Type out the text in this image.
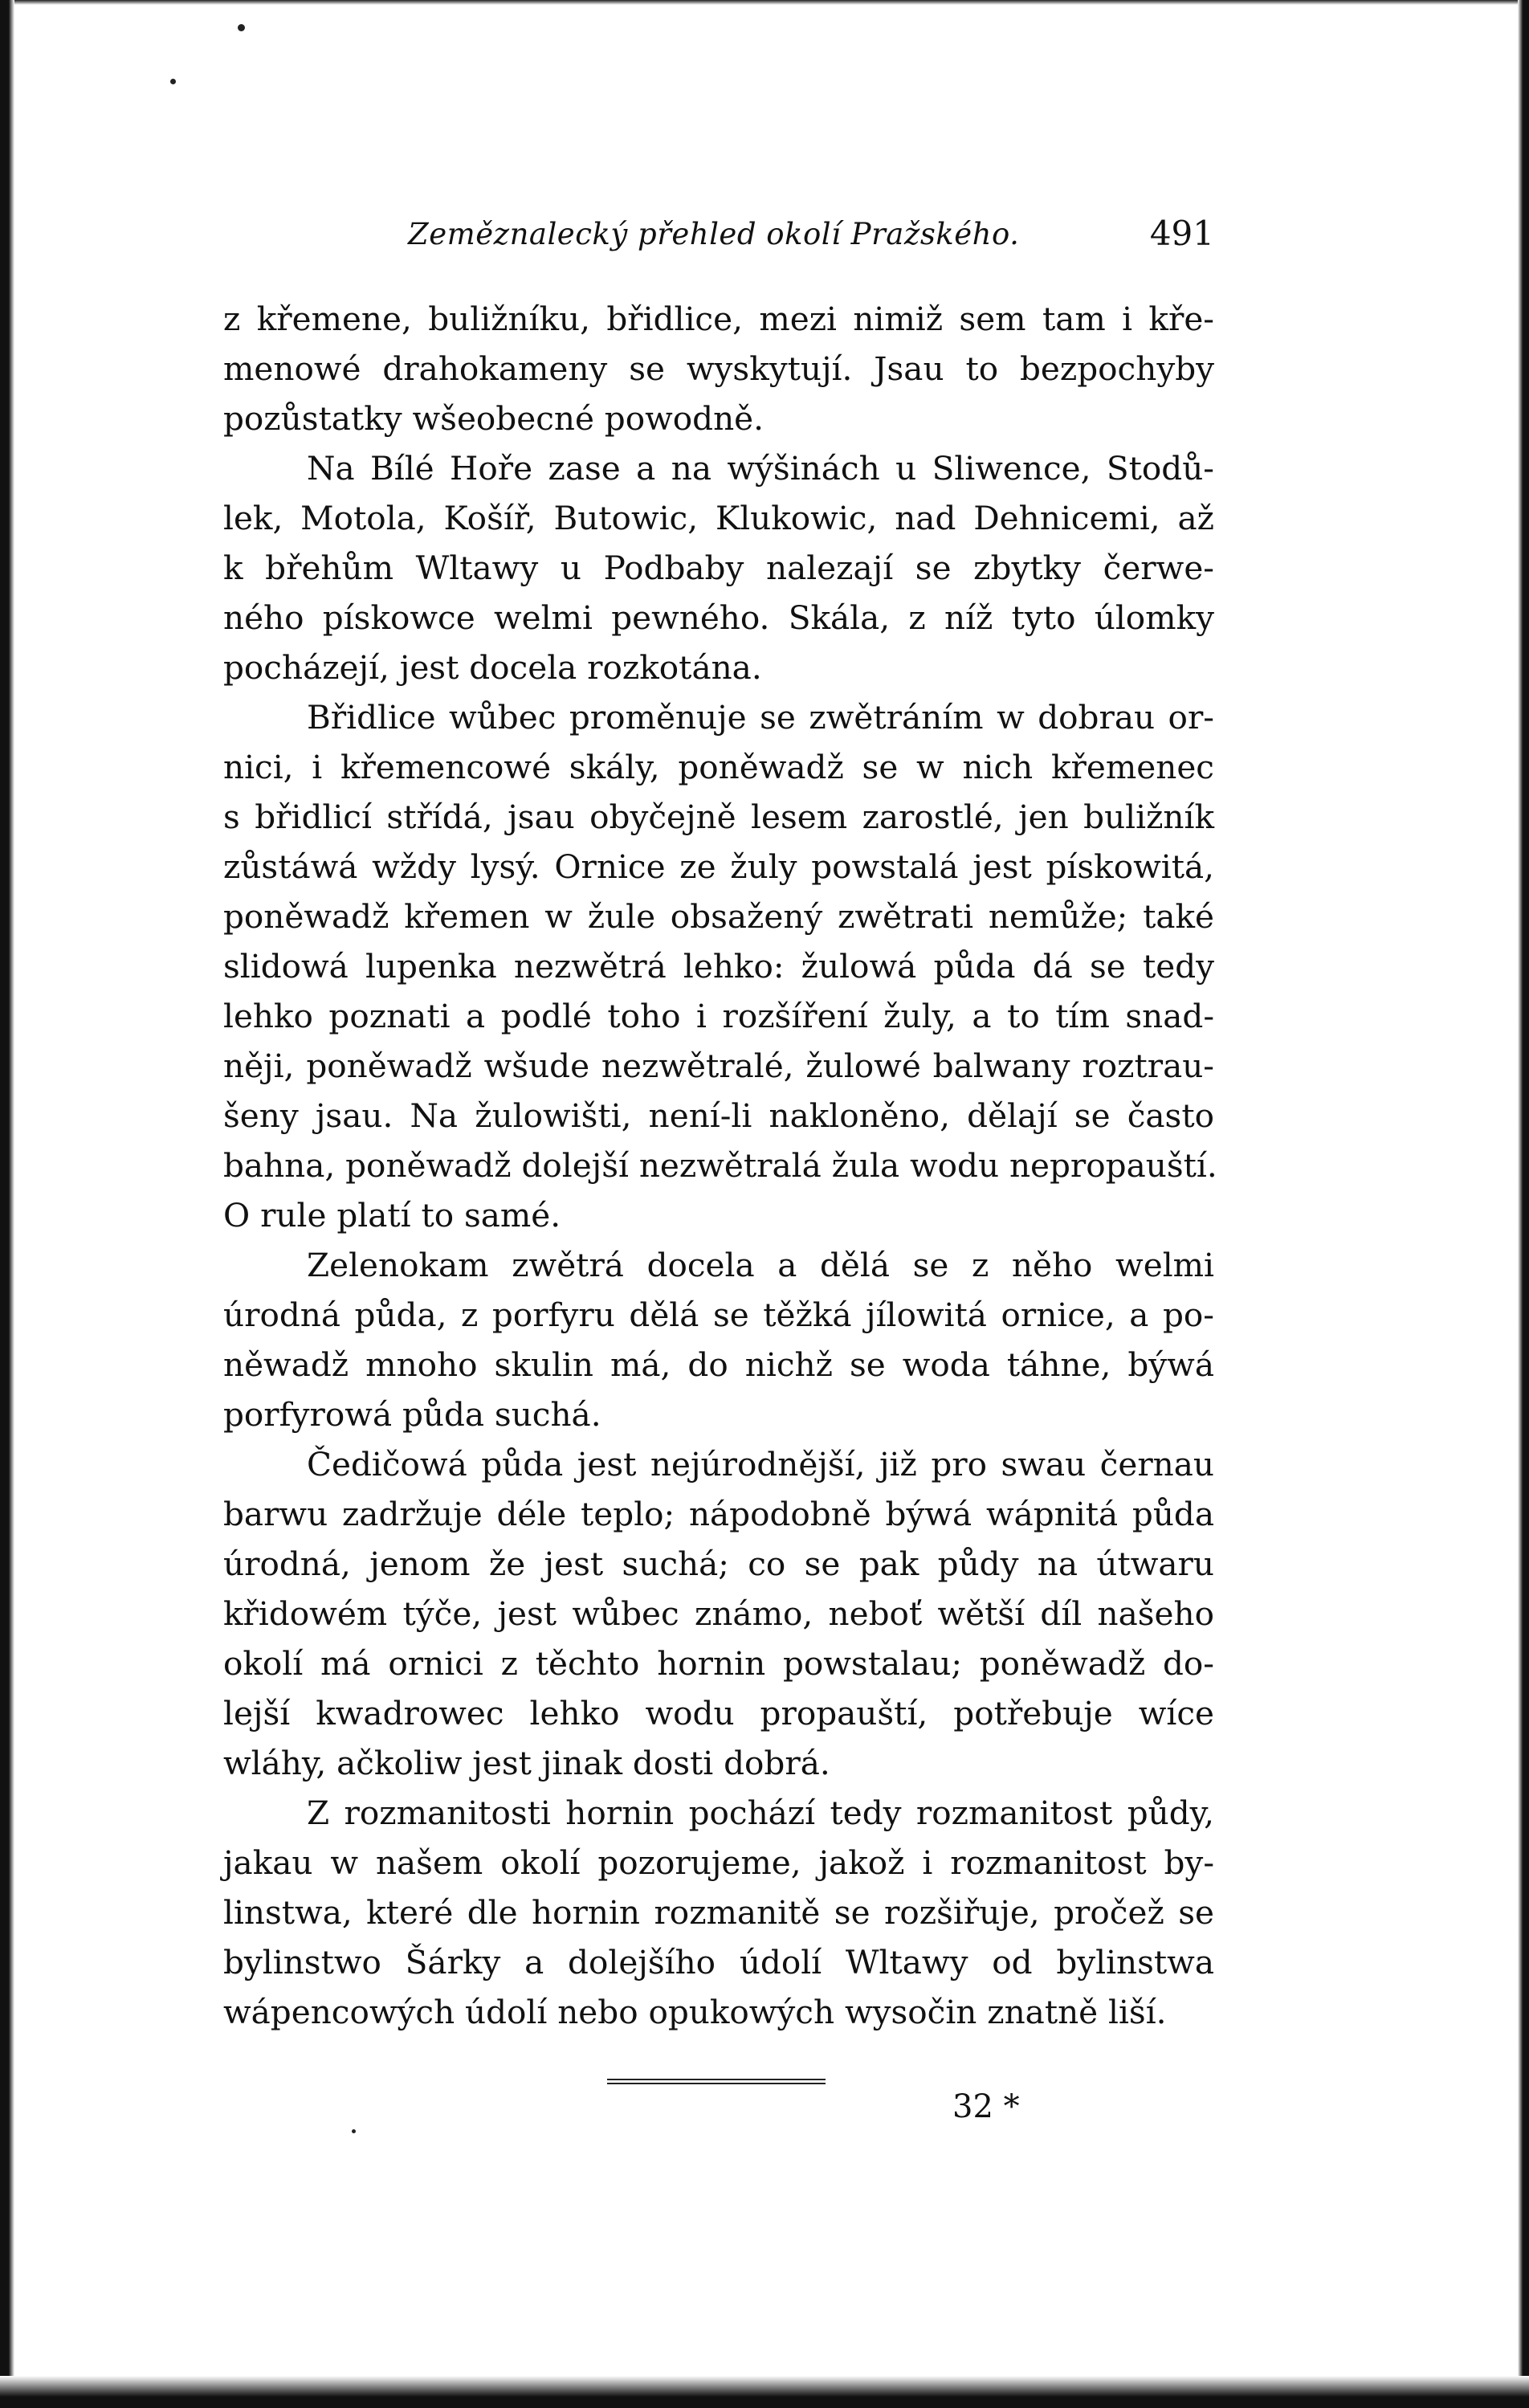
Zeměznalecký přehled okolí Pražského.	491
z křemene, buližníku, břidlice, mezi nimiž sem tam i kře-
menowé drahokameny se wyskytují. Jsau to bezpochyby
pozůstatky wšeobecné powodně.
Na Bílé Hoře zase a na wýšinách u Sliwence, Stodů-
lek, Motola, Košíř, Butowic, Klukowic, nad Dehnicemi, až
k břehům Wltawy u Podbaby nalezají se zbytky čerwe-
ného pískowce welmi pewného. Skála, z níž tyto úlomky
pocházejí, jest docela rozkotána.
Břidlice wůbec proměnuje se zwětráním w dobrau or-
nici, i křemencowé skály, poněwadž se w nich křemenec
s břidlicí střídá, jsau obyčejně lesem zarostlé, jen buližník
zůstáwá wždy lysý. Ornice ze žuly powstalá jest pískowitá,
poněwadž křemen w žule obsažený zwětrati nemůže; také
slidowá lupenka nezwětrá lehko: žulowá půda dá se tedy
lehko poznati a podlé toho i rozšíření žuly, a to tím snad-
něji, poněwadž wšude nezwětralé, žulowé balwany roztrau-
šeny jsau. Na žulowišti, není-li nakloněno, dělají se často
bahna, poněwadž dolejší nezwětralá žula wodu nepropauští.
O rule platí to samé.
Zelenokam zwětrá docela a dělá se z něho welmi
úrodná půda, z porfyru dělá se těžká jílowitá ornice, a po-
něwadž mnoho skulin má, do nichž se woda táhne, býwá
porfyrowá půda suchá.
Čedičowá půda jest nejúrodnější, již pro swau černau
barwu zadržuje déle teplo; nápodobně býwá wápnitá půda
úrodná, jenom že jest suchá; co se pak půdy na útwaru
křidowém týče, jest wůbec známo, neboť wětší díl našeho
okolí má ornici z těchto hornin powstalau; poněwadž do-
lejší kwadrowec lehko wodu propauští, potřebuje wíce
wláhy, ačkoliw jest jinak dosti dobrá.
Z rozmanitosti hornin pochází tedy rozmanitost půdy,
jakau w našem okolí pozorujeme, jakož i rozmanitost by-
linstwa, které dle hornin rozmanitě se rozšiřuje, pročež se
bylinstwo Šárky a dolejšího údolí Wltawy od bylinstwa
wápencowých údolí nebo opukowých wysočin znatně liší.
32 *
